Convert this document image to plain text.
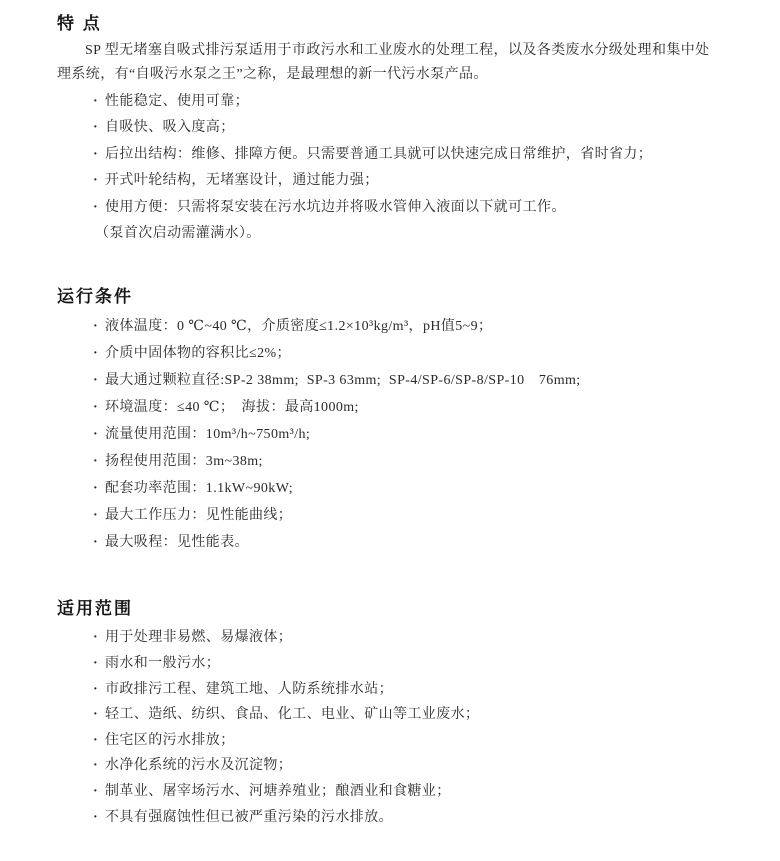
特 点

SP 型无堵塞自吸式排污泵适用于市政污水和工业废水的处理工程，以及各类废水分级处理和集中处理系统，有“自吸污水泵之王”之称，是最理想的新一代污水泵产品。

· 性能稳定、使用可靠；
· 自吸快、吸入度高；
· 后拉出结构：维修、排障方便。只需要普通工具就可以快速完成日常维护，省时省力；
· 开式叶轮结构，无堵塞设计，通过能力强；
· 使用方便：只需将泵安装在污水坑边并将吸水管伸入液面以下就可工作。
（泵首次启动需灌满水）。
运行条件
· 液体温度：0 ℃~40 ℃，介质密度≤1.2×10³kg/m³，pH值5~9；
· 介质中固体物的容积比≤2%；
· 最大通过颗粒直径:SP-2 38mm;  SP-3 63mm;  SP-4/SP-6/SP-8/SP-10　76mm;
· 环境温度：≤40 ℃；　海拔：最高1000m;
· 流量使用范围：10m³/h~750m³/h;
· 扬程使用范围：3m~38m;
· 配套功率范围：1.1kW~90kW;
· 最大工作压力：见性能曲线；
· 最大吸程：见性能表。
适用范围
· 用于处理非易燃、易爆液体；
· 雨水和一般污水；
· 市政排污工程、建筑工地、人防系统排水站；
· 轻工、造纸、纺织、食品、化工、电业、矿山等工业废水；
· 住宅区的污水排放；
· 水净化系统的污水及沉淀物；
· 制革业、屠宰场污水、河塘养殖业；酿酒业和食糖业；
· 不具有强腐蚀性但已被严重污染的污水排放。
